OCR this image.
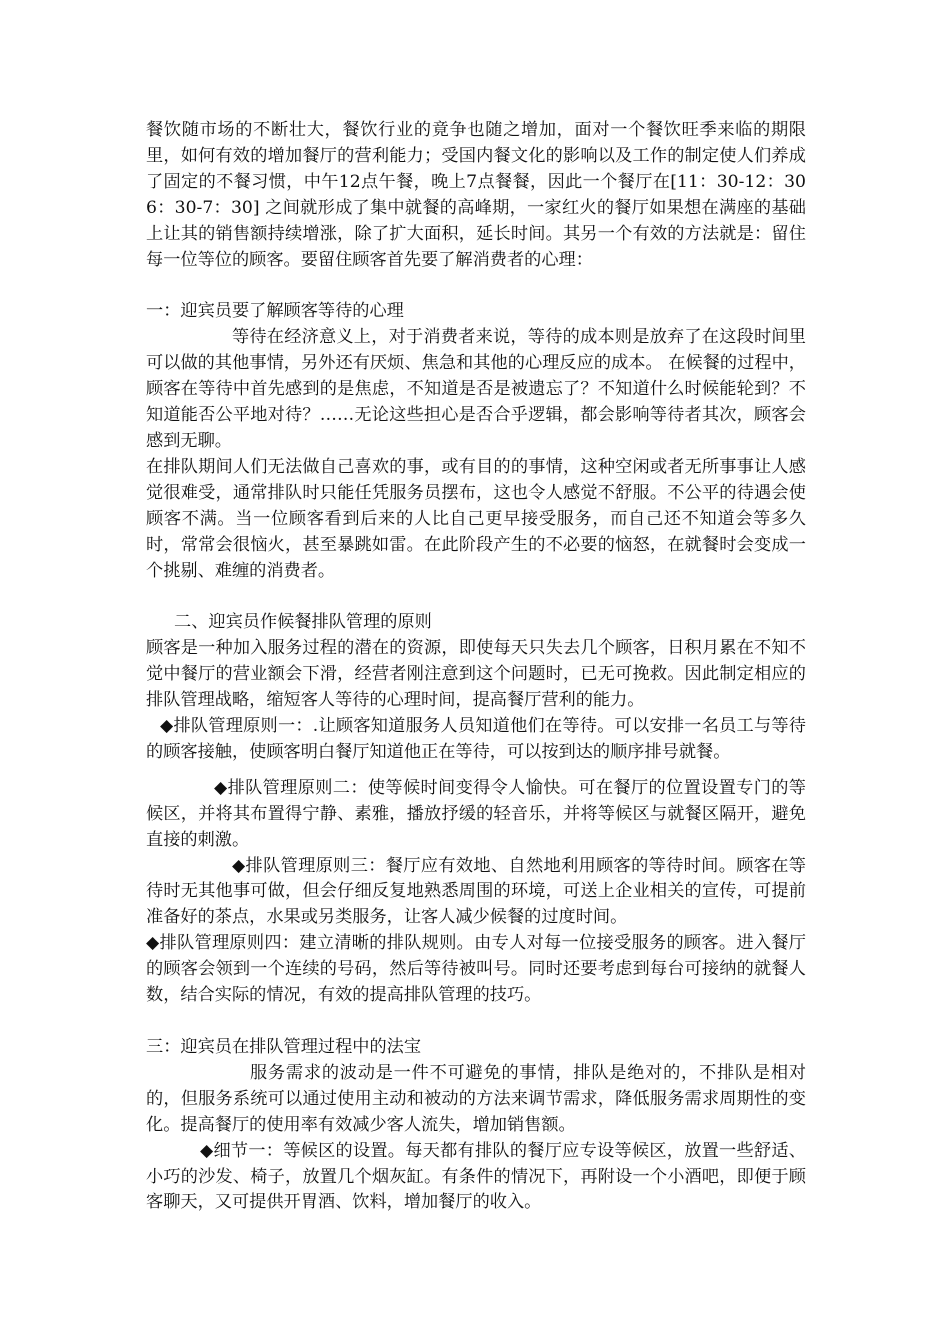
餐饮随市场的不断壮大，餐饮行业的竟争也随之增加，面对一个餐饮旺季来临的期限里，如何有效的增加餐厅的营利能力；受国内餐文化的影响以及工作的制定使人们养成了固定的不餐习惯，中午12点午餐，晚上7点餐餐，因此一个餐厅在[11：30-12：30 6：30-7：30] 之间就形成了集中就餐的高峰期，一家红火的餐厅如果想在满座的基础上让其的销售额持续增涨，除了扩大面积，延长时间。其另一个有效的方法就是：留住每一位等位的顾客。要留住顾客首先要了解消费者的心理：

一：迎宾员要了解顾客等待的心理

等待在经济意义上，对于消费者来说，等待的成本则是放弃了在这段时间里可以做的其他事情，另外还有厌烦、焦急和其他的心理反应的成本。 在候餐的过程中，顾客在等待中首先感到的是焦虑，不知道是否是被遗忘了？不知道什么时候能轮到？不知道能否公平地对待？……无论这些担心是否合乎逻辑，都会影响等待者其次，顾客会感到无聊。

在排队期间人们无法做自己喜欢的事，或有目的的事情，这种空闲或者无所事事让人感觉很难受，通常排队时只能任凭服务员摆布，这也令人感觉不舒服。不公平的待遇会使顾客不满。当一位顾客看到后来的人比自己更早接受服务，而自己还不知道会等多久时，常常会很恼火，甚至暴跳如雷。在此阶段产生的不必要的恼怒，在就餐时会变成一个挑剔、难缠的消费者。

二、迎宾员作候餐排队管理的原则

顾客是一种加入服务过程的潜在的资源，即使每天只失去几个顾客，日积月累在不知不觉中餐厅的营业额会下滑，经营者刚注意到这个问题时，已无可挽救。因此制定相应的排队管理战略，缩短客人等待的心理时间，提高餐厅营利的能力。

◆排队管理原则一：.让顾客知道服务人员知道他们在等待。可以安排一名员工与等待的顾客接触，使顾客明白餐厅知道他正在等待，可以按到达的顺序排号就餐。

◆排队管理原则二：使等候时间变得令人愉快。可在餐厅的位置设置专门的等候区，并将其布置得宁静、素雅，播放抒缓的轻音乐，并将等候区与就餐区隔开，避免直接的刺激。

◆排队管理原则三：餐厅应有效地、自然地利用顾客的等待时间。顾客在等待时无其他事可做，但会仔细反复地熟悉周围的环境，可送上企业相关的宣传，可提前准备好的茶点，水果或另类服务，让客人减少候餐的过度时间。

◆排队管理原则四：建立清晰的排队规则。由专人对每一位接受服务的顾客。进入餐厅的顾客会领到一个连续的号码，然后等待被叫号。同时还要考虑到每台可接纳的就餐人数，结合实际的情况，有效的提高排队管理的技巧。

三：迎宾员在排队管理过程中的法宝

服务需求的波动是一件不可避免的事情，排队是绝对的，不排队是相对的，但服务系统可以通过使用主动和被动的方法来调节需求，降低服务需求周期性的变化。提高餐厅的使用率有效减少客人流失，增加销售额。

◆细节一：等候区的设置。每天都有排队的餐厅应专设等候区，放置一些舒适、小巧的沙发、椅子，放置几个烟灰缸。有条件的情况下，再附设一个小酒吧，即便于顾客聊天，又可提供开胃酒、饮料，增加餐厅的收入。
